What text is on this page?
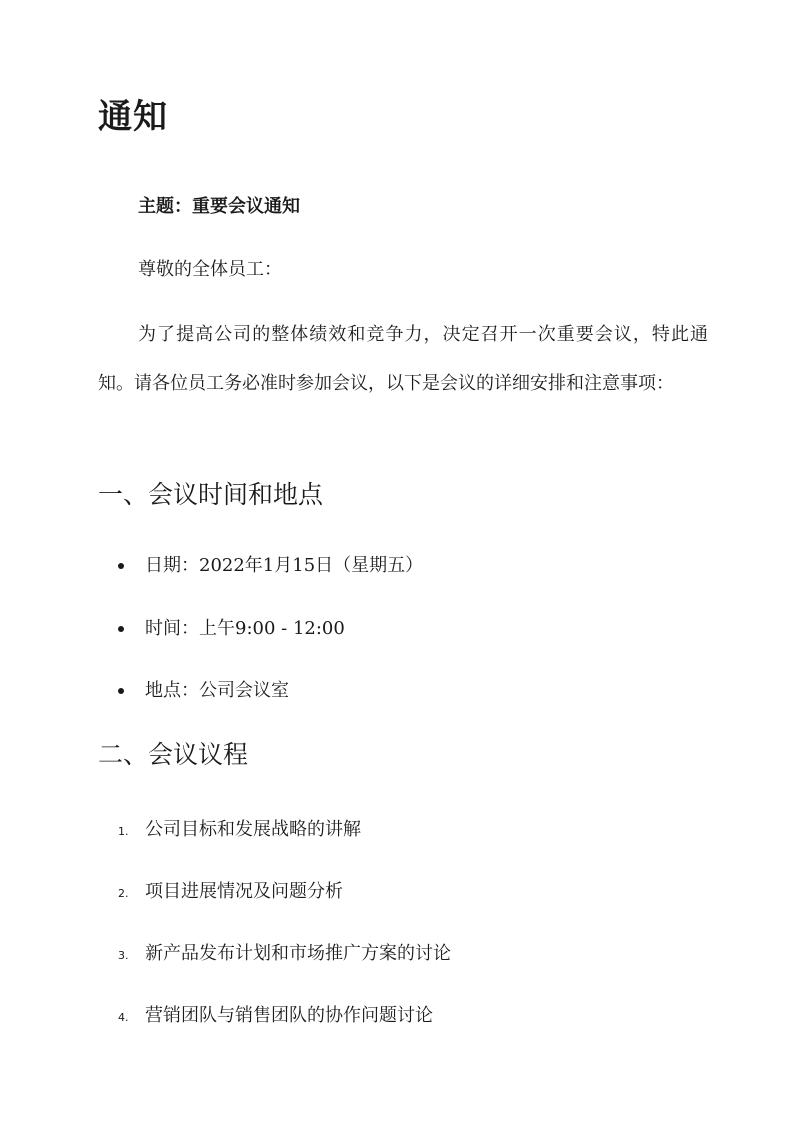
通知

主题：重要会议通知

尊敬的全体员工：

为了提高公司的整体绩效和竞争力，决定召开一次重要会议，特此通知。请各位员工务必准时参加会议，以下是会议的详细安排和注意事项：

一、会议时间和地点
日期：2022年1月15日（星期五）
时间：上午9:00 - 12:00
地点：公司会议室
二、会议议程
1. 公司目标和发展战略的讲解
2. 项目进展情况及问题分析
3. 新产品发布计划和市场推广方案的讨论
4. 营销团队与销售团队的协作问题讨论
